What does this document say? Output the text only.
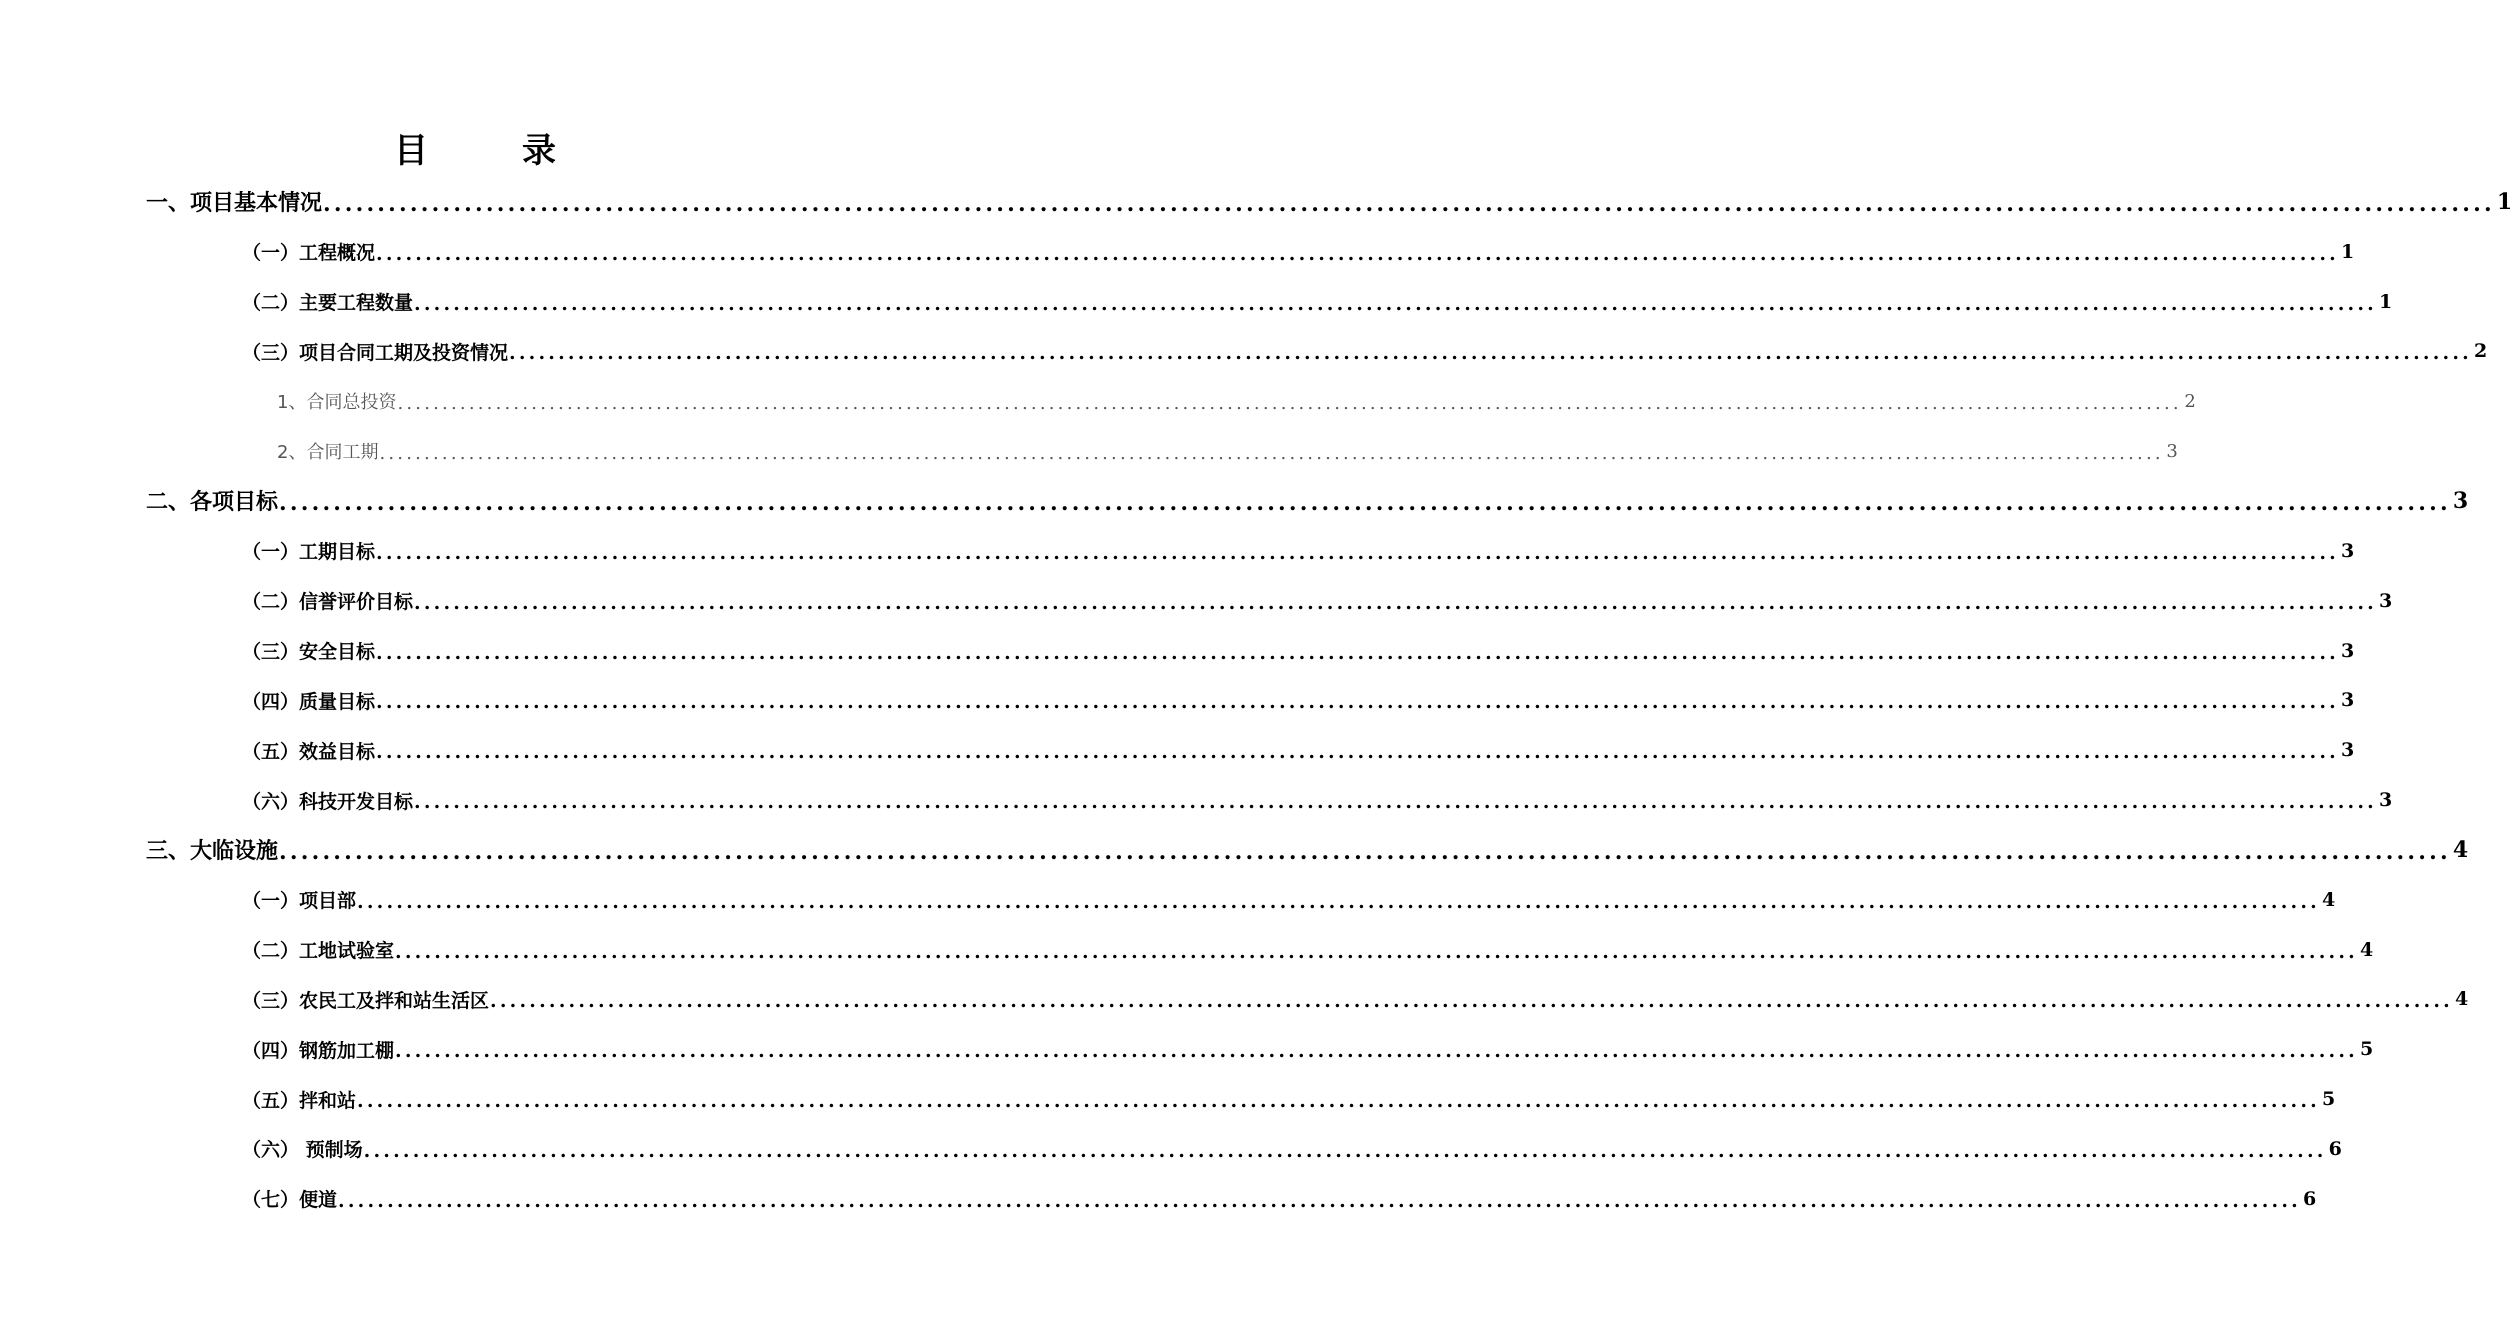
目　录
一、项目基本情况 ........................................................................................................................................................................................................ 1
（一）工程概况 ........................................................................................................................................................................................................ 1
（二）主要工程数量 ........................................................................................................................................................................................................ 1
（三）项目合同工期及投资情况 ........................................................................................................................................................................................................ 2
1、合同总投资 ........................................................................................................................................................................................................ 2
2、合同工期 ........................................................................................................................................................................................................ 3
二、各项目标 ........................................................................................................................................................................................................ 3
（一）工期目标 ........................................................................................................................................................................................................ 3
（二）信誉评价目标 ........................................................................................................................................................................................................ 3
（三）安全目标 ........................................................................................................................................................................................................ 3
（四）质量目标 ........................................................................................................................................................................................................ 3
（五）效益目标 ........................................................................................................................................................................................................ 3
（六）科技开发目标 ........................................................................................................................................................................................................ 3
三、大临设施 ........................................................................................................................................................................................................ 4
（一）项目部 ........................................................................................................................................................................................................ 4
（二）工地试验室 ........................................................................................................................................................................................................ 4
（三）农民工及拌和站生活区 ........................................................................................................................................................................................................ 4
（四）钢筋加工棚 ........................................................................................................................................................................................................ 5
（五）拌和站 ........................................................................................................................................................................................................ 5
（六） 预制场 ........................................................................................................................................................................................................ 6
（七）便道 ........................................................................................................................................................................................................ 6
